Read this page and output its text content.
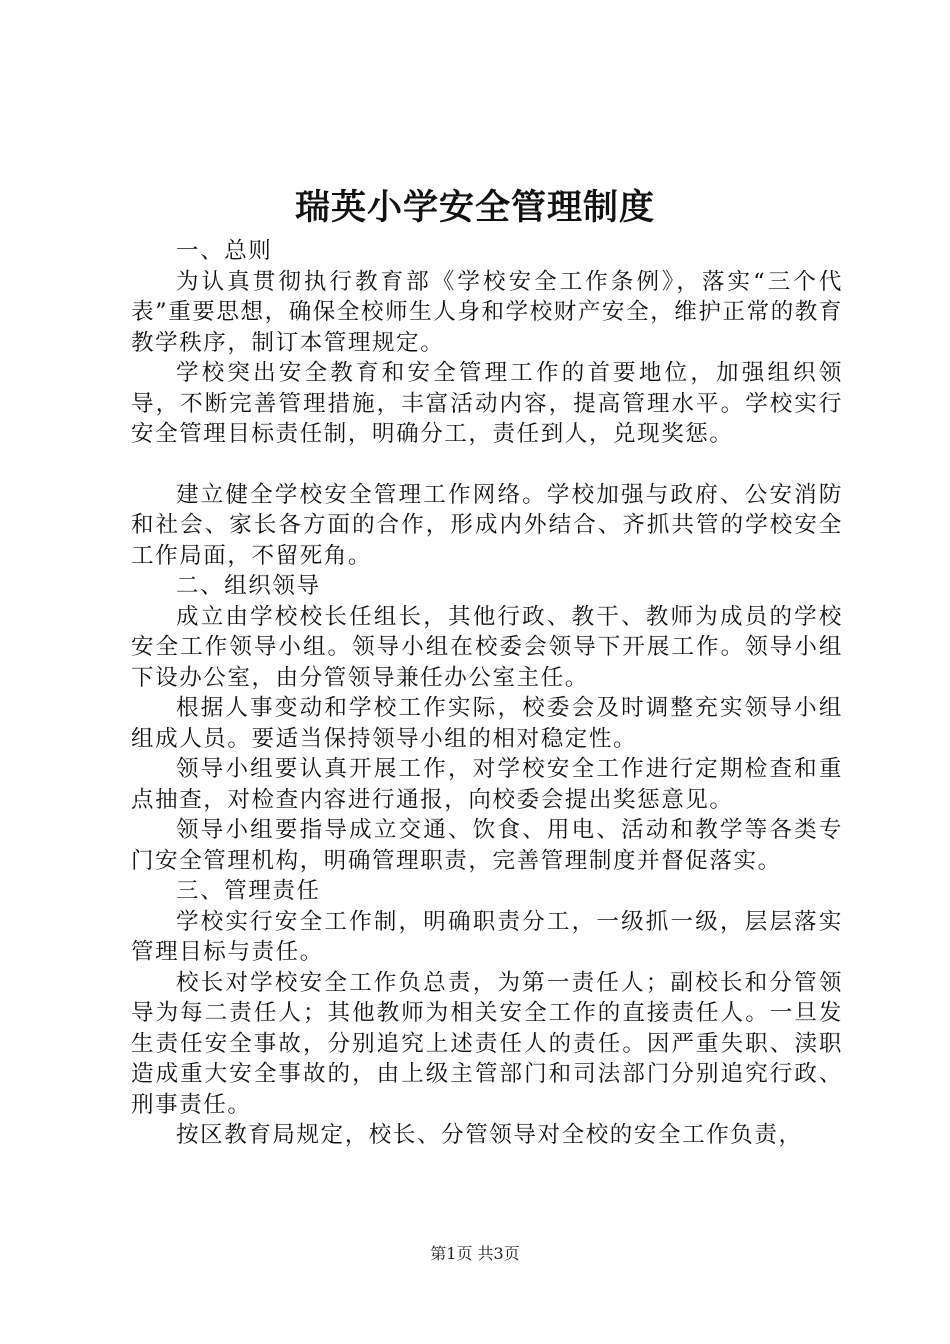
瑞英小学安全管理制度

一、总则

为认真贯彻执行教育部《学校安全工作条例》，落实“三个代表”重要思想，确保全校师生人身和学校财产安全，维护正常的教育教学秩序，制订本管理规定。

学校突出安全教育和安全管理工作的首要地位，加强组织领导，不断完善管理措施，丰富活动内容，提高管理水平。学校实行安全管理目标责任制，明确分工，责任到人，兑现奖惩。

建立健全学校安全管理工作网络。学校加强与政府、公安消防和社会、家长各方面的合作，形成内外结合、齐抓共管的学校安全工作局面，不留死角。

二、组织领导

成立由学校校长任组长，其他行政、教干、教师为成员的学校安全工作领导小组。领导小组在校委会领导下开展工作。领导小组下设办公室，由分管领导兼任办公室主任。

根据人事变动和学校工作实际，校委会及时调整充实领导小组组成人员。要适当保持领导小组的相对稳定性。

领导小组要认真开展工作，对学校安全工作进行定期检查和重点抽查，对检查内容进行通报，向校委会提出奖惩意见。

领导小组要指导成立交通、饮食、用电、活动和教学等各类专门安全管理机构，明确管理职责，完善管理制度并督促落实。

三、管理责任

学校实行安全工作制，明确职责分工，一级抓一级，层层落实管理目标与责任。

校长对学校安全工作负总责，为第一责任人；副校长和分管领导为每二责任人；其他教师为相关安全工作的直接责任人。一旦发生责任安全事故，分别追究上述责任人的责任。因严重失职、渎职造成重大安全事故的，由上级主管部门和司法部门分别追究行政、刑事责任。

按区教育局规定，校长、分管领导对全校的安全工作负责，

第1页 共3页
